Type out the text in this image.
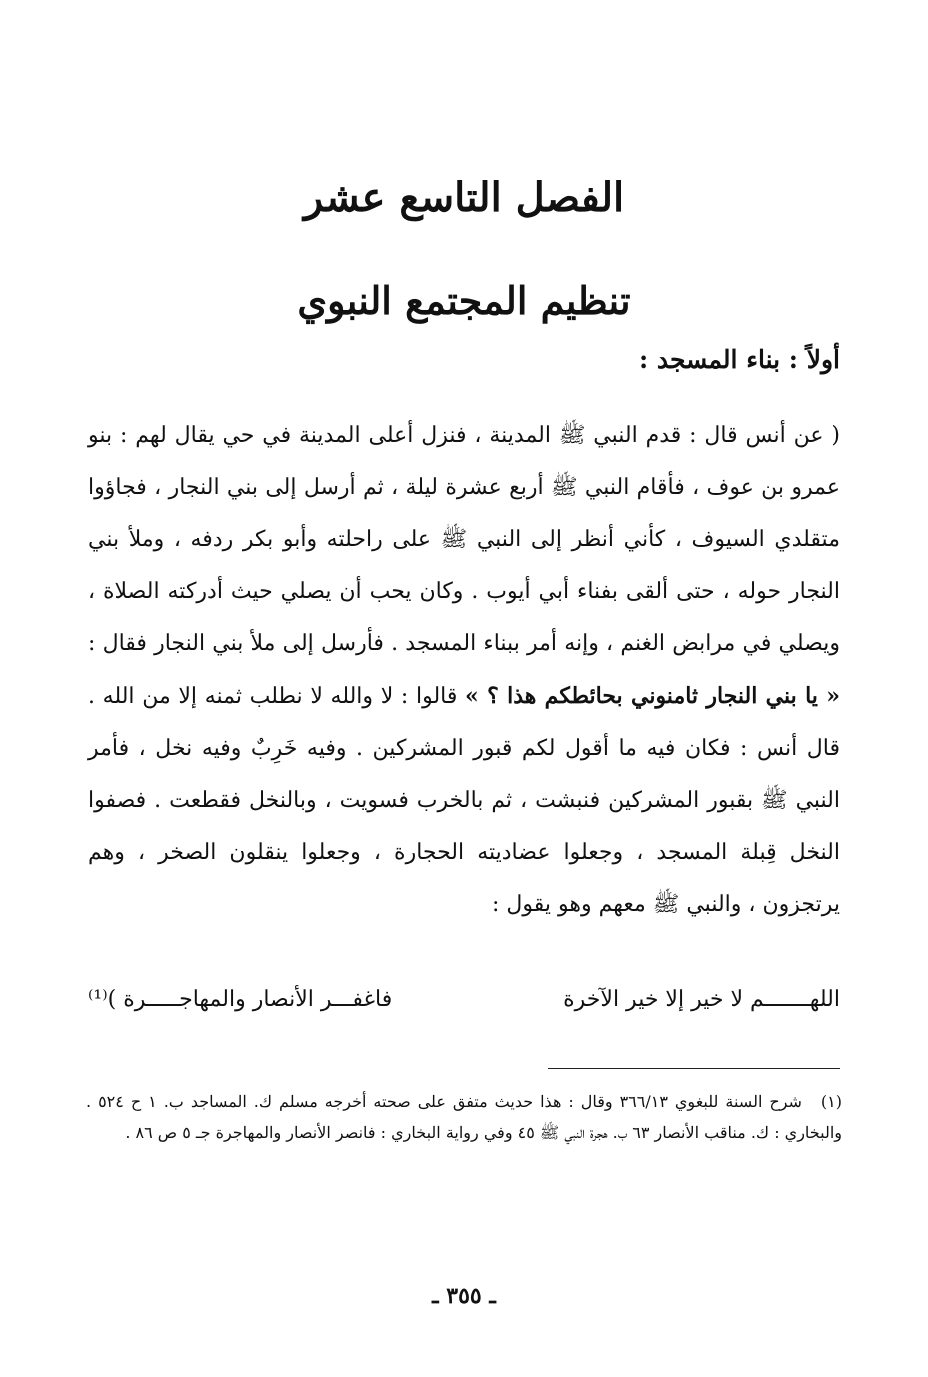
الفصل التاسع عشر
تنظيم المجتمع النبوي
أولاً : بناء المسجد :

( عن أنس قال : قدم النبي ﷺ المدينة ، فنزل أعلى المدينة في حي يقال لهم : بنو عمرو بن عوف ، فأقام النبي ﷺ أربع عشرة ليلة ، ثم أرسل إلى بني النجار ، فجاؤوا متقلدي السيوف ، كأني أنظر إلى النبي ﷺ على راحلته وأبو بكر ردفه ، وملأ بني النجار حوله ، حتى ألقى بفناء أبي أيوب . وكان يحب أن يصلي حيث أدركته الصلاة ، ويصلي في مرابض الغنم ، وإنه أمر ببناء المسجد . فأرسل إلى ملأ بني النجار فقال : « يا بني النجار ثامنوني بحائطكم هذا ؟ » قالوا : لا والله لا نطلب ثمنه إلا من الله . قال أنس : فكان فيه ما أقول لكم قبور المشركين . وفيه خَرِبٌ وفيه نخل ، فأمر النبي ﷺ بقبور المشركين فنبشت ، ثم بالخرب فسويت ، وبالنخل فقطعت . فصفوا النخل قِبلة المسجد ، وجعلوا عضاديته الحجارة ، وجعلوا ينقلون الصخر ، وهم يرتجزون ، والنبي ﷺ معهم وهو يقول :

اللهـــــــم لا خير إلا خير الآخرة
فاغفـــر الأنصار والمهاجـــــرة )⁽¹⁾
(١) شرح السنة للبغوي ٣٦٦/١٣ وقال : هذا حديث متفق على صحته أخرجه مسلم ك. المساجد ب. ١ ح ٥٢٤ . والبخاري : ك. مناقب الأنصار ٦٣ ب. هجرة النبي ﷺ ٤٥ وفي رواية البخاري : فانصر الأنصار والمهاجرة جـ ٥ ص ٨٦ .
ـ ٣٥٥ ـ
